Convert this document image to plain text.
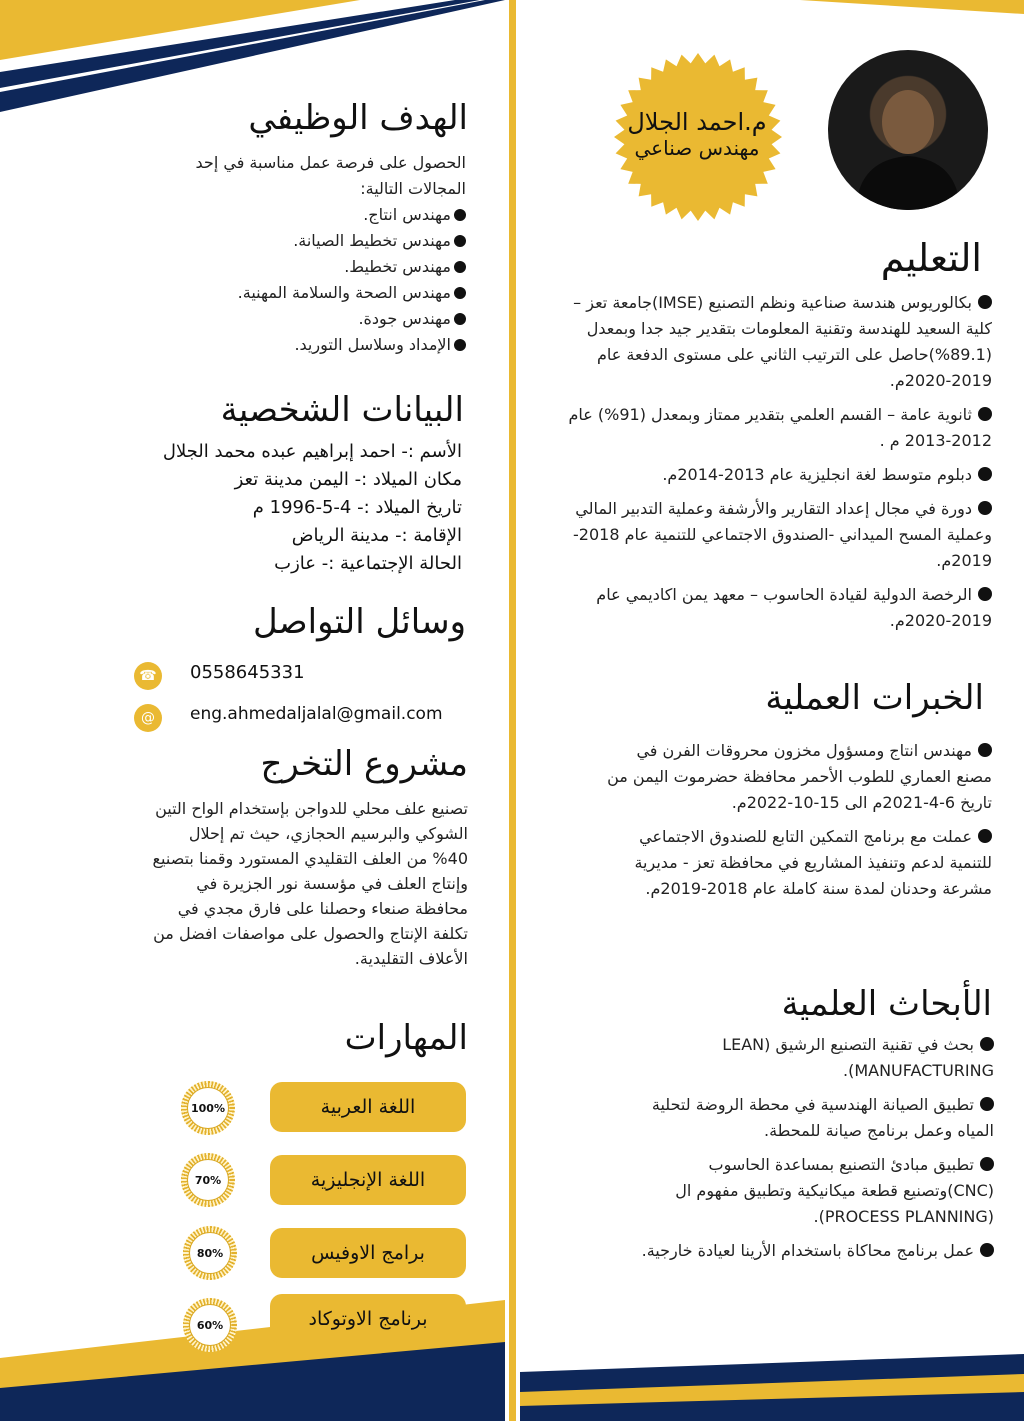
م.احمد الجلال
مهندس صناعي
الهدف الوظيفي
الحصول على فرصة عمل مناسبة في إحد المجالات التالية:
مهندس انتاج.
مهندس تخطيط الصيانة.
مهندس تخطيط.
مهندس الصحة والسلامة المهنية.
مهندس جودة.
الإمداد وسلاسل التوريد.
البيانات الشخصية
الأسم :- احمد إبراهيم عبده محمد الجلال
مكان الميلاد :- اليمن مدينة تعز
تاريخ الميلاد :- 4-5-1996 م
الإقامة :- مدينة الرياض
الحالة الإجتماعية :- عازب
وسائل التواصل
☎ 0558645331
@	eng.ahmedaljalal@gmail.com
مشروع التخرج
تصنيع علف محلي للدواجن بإستخدام الواح التين الشوكي والبرسيم الحجازي، حيث تم إحلال 40% من العلف التقليدي المستورد وقمنا بتصنيع وإنتاج العلف في مؤسسة نور الجزيرة في محافظة صنعاء وحصلنا على فارق مجدي في تكلفة الإنتاج والحصول على مواصفات افضل من الأعلاف التقليدية.
المهارات
100%	اللغة العربية
70%	اللغة الإنجليزية
80%	برامج الاوفيس
60%	برنامج الاوتوكاد
التعليم
بكالوريوس هندسة صناعية ونظم التصنيع (IMSE)جامعة تعز – كلية السعيد للهندسة وتقنية المعلومات بتقدير جيد جدا وبمعدل (89.1%)حاصل على الترتيب الثاني على مستوى الدفعة عام 2019-2020م.
ثانوية عامة – القسم العلمي بتقدير ممتاز وبمعدل (91%) عام 2012-2013 م .
دبلوم متوسط لغة انجليزية عام 2013-2014م.
دورة في مجال إعداد التقارير والأرشفة وعملية التدبير المالي وعملية المسح الميداني -الصندوق الاجتماعي للتنمية عام 2018-2019م.
الرخصة الدولية لقيادة الحاسوب – معهد يمن اكاديمي عام 2019-2020م.
الخبرات العملية
مهندس انتاج ومسؤول مخزون محروقات الفرن في مصنع العماري للطوب الأحمر محافظة حضرموت اليمن من تاريخ 6-4-2021م الى 15-10-2022م.
عملت مع برنامج التمكين التابع للصندوق الاجتماعي للتنمية لدعم وتنفيذ المشاريع في محافظة تعز - مديرية مشرعة وحدنان لمدة سنة كاملة عام 2018-2019م.
الأبحاث العلمية
بحث في تقنية التصنيع الرشيق (LEAN MANUFACTURING).
تطبيق الصيانة الهندسية في محطة الروضة لتحلية المياه وعمل برنامج صيانة للمحطة.
تطبيق مبادئ التصنيع بمساعدة الحاسوب (CNC)وتصنيع قطعة ميكانيكية وتطبيق مفهوم ال (PROCESS PLANNING).
عمل برنامج محاكاة باستخدام الأرينا لعيادة خارجية.
